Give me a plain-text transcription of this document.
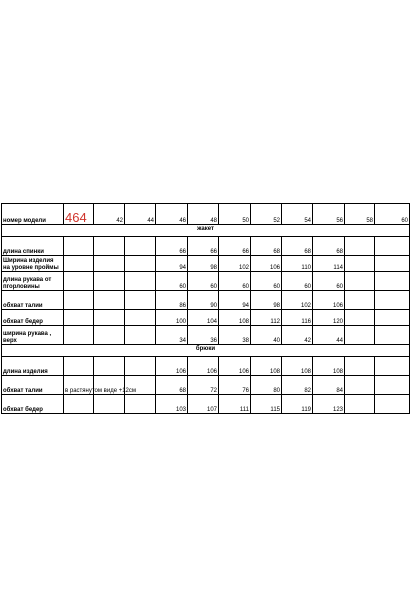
номер модели	464	42	44	46	48	50	52	54	56	58	60
жакет											
длина спинки				66	66	66	68	68	68		
Ширина изделия на уровне проймы				94	98	102	106	110	114		
длина рукава от пгорловины				60	60	60	60	60	60		
обхват талии				86	90	94	98	102	106		
обхват бедер				100	104	108	112	116	120		
ширина рукава , верх				34	36	38	40	42	44		
брюки											
длина изделия				106	106	106	108	108	108		
обхват талии	в растянутом виде +12см			68	72	76	80	82	84		
обхват бедер				103	107	111	115	119	123		
